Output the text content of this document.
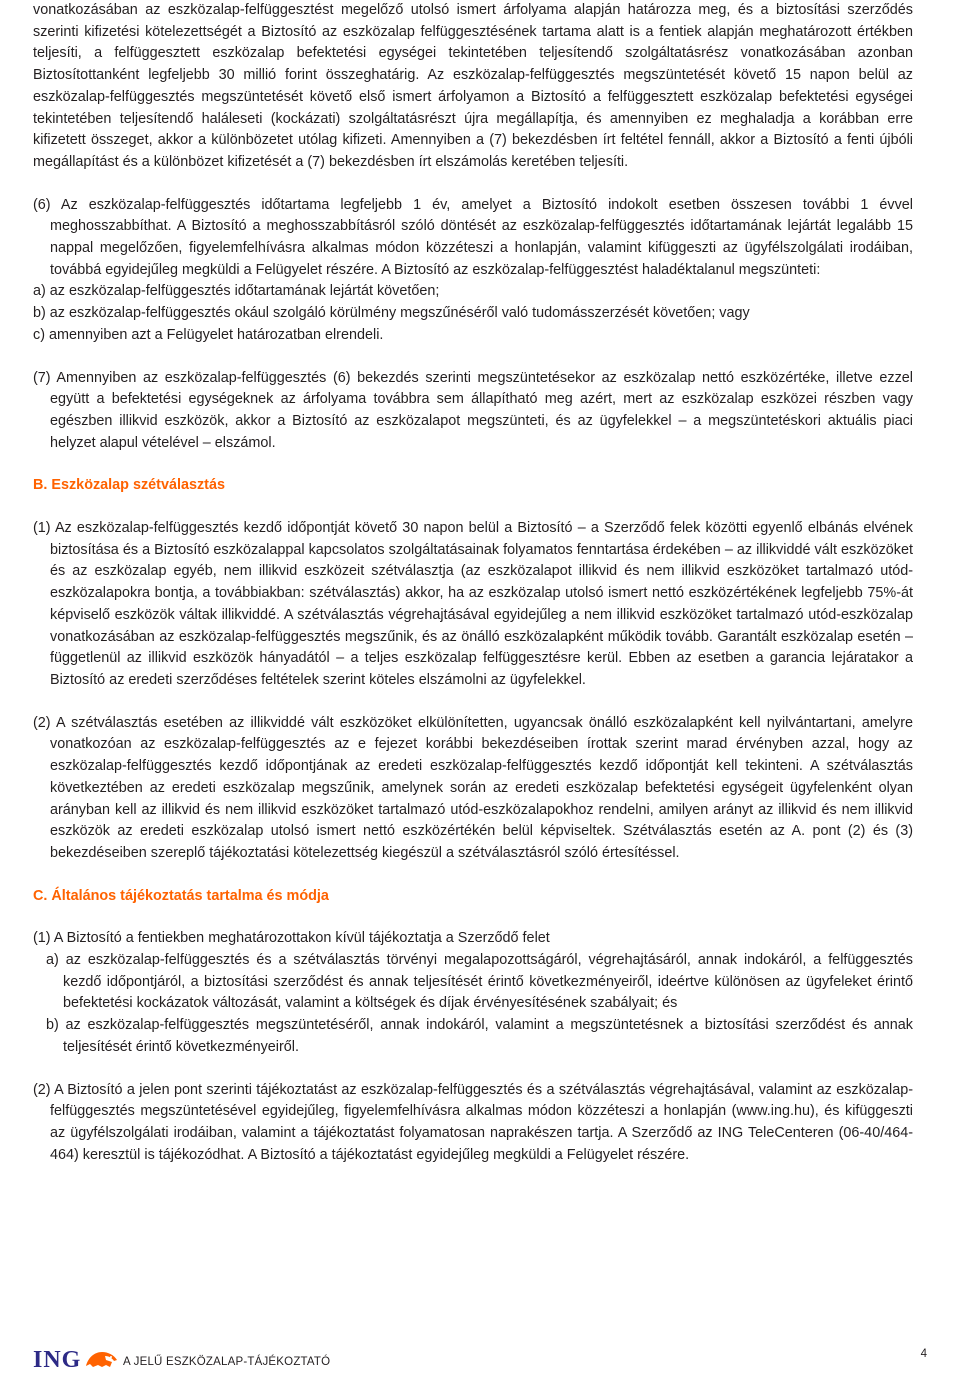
vonatkozásában az eszközalap-felfüggesztést megelőző utolsó ismert árfolyama alapján határozza meg, és a biztosítási szerződés szerinti kifizetési kötelezettségét a Biztosító az eszközalap felfüggesztésének tartama alatt is a fentiek alapján meghatározott értékben teljesíti, a felfüggesztett eszközalap befektetési egységei tekintetében teljesítendő szolgáltatásrész vonatkozásában azonban Biztosítottanként legfeljebb 30 millió forint összeghatárig. Az eszközalap-felfüggesztés megszüntetését követő 15 napon belül az eszközalap-felfüggesztés megszüntetését követő első ismert árfolyamon a Biztosító a felfüggesztett eszközalap befektetési egységei tekintetében teljesítendő haláleseti (kockázati) szolgáltatásrészt újra megállapítja, és amennyiben ez meghaladja a korábban erre kifizetett összeget, akkor a különbözetet utólag kifizeti. Amennyiben a (7) bekezdésben írt feltétel fennáll, akkor a Biztosító a fenti újbóli megállapítást és a különbözet kifizetését a (7) bekezdésben írt elszámolás keretében teljesíti.

(6) Az eszközalap-felfüggesztés időtartama legfeljebb 1 év, amelyet a Biztosító indokolt esetben összesen további 1 évvel meghosszabbíthat. A Biztosító a meghosszabbításról szóló döntését az eszközalap-felfüggesztés időtartamának lejártát legalább 15 nappal megelőzően, figyelemfelhívásra alkalmas módon közzéteszi a honlapján, valamint kifüggeszti az ügyfélszolgálati irodáiban, továbbá egyidejűleg megküldi a Felügyelet részére. A Biztosító az eszközalap-felfüggesztést haladéktalanul megszünteti:

a) az eszközalap-felfüggesztés időtartamának lejártát követően;

b) az eszközalap-felfüggesztés okául szolgáló körülmény megszűnéséről való tudomásszerzését követően; vagy

c) amennyiben azt a Felügyelet határozatban elrendeli.

(7) Amennyiben az eszközalap-felfüggesztés (6) bekezdés szerinti megszüntetésekor az eszközalap nettó eszközértéke, illetve ezzel együtt a befektetési egységeknek az árfolyama továbbra sem állapítható meg azért, mert az eszközalap eszközei részben vagy egészben illikvid eszközök, akkor a Biztosító az eszközalapot megszünteti, és az ügyfelekkel – a megszüntetéskori aktuális piaci helyzet alapul vételével – elszámol.

B. Eszközalap szétválasztás

(1) Az eszközalap-felfüggesztés kezdő időpontját követő 30 napon belül a Biztosító – a Szerződő felek közötti egyenlő elbánás elvének biztosítása és a Biztosító eszközalappal kapcsolatos szolgáltatásainak folyamatos fenntartása érdekében – az illikviddé vált eszközöket és az eszközalap egyéb, nem illikvid eszközeit szétválasztja (az eszközalapot illikvid és nem illikvid eszközöket tartalmazó utód-eszközalapokra bontja, a továbbiakban: szétválasztás) akkor, ha az eszközalap utolsó ismert nettó eszközértékének legfeljebb 75%-át képviselő eszközök váltak illikviddé. A szétválasztás végrehajtásával egyidejűleg a nem illikvid eszközöket tartalmazó utód-eszközalap vonatkozásában az eszközalap-felfüggesztés megszűnik, és az önálló eszközalapként működik tovább. Garantált eszközalap esetén – függetlenül az illikvid eszközök hányadától – a teljes eszközalap felfüggesztésre kerül. Ebben az esetben a garancia lejáratakor a Biztosító az eredeti szerződéses feltételek szerint köteles elszámolni az ügyfelekkel.

(2) A szétválasztás esetében az illikviddé vált eszközöket elkülönítetten, ugyancsak önálló eszközalapként kell nyilvántartani, amelyre vonatkozóan az eszközalap-felfüggesztés az e fejezet korábbi bekezdéseiben írottak szerint marad érvényben azzal, hogy az eszközalap-felfüggesztés kezdő időpontjának az eredeti eszközalap-felfüggesztés kezdő időpontját kell tekinteni. A szétválasztás következtében az eredeti eszközalap megszűnik, amelynek során az eredeti eszközalap befektetési egységeit ügyfelenként olyan arányban kell az illikvid és nem illikvid eszközöket tartalmazó utód-eszközalapokhoz rendelni, amilyen arányt az illikvid és nem illikvid eszközök az eredeti eszközalap utolsó ismert nettó eszközértékén belül képviseltek. Szétválasztás esetén az A. pont (2) és (3) bekezdéseiben szereplő tájékoztatási kötelezettség kiegészül a szétválasztásról szóló értesítéssel.

C. Általános tájékoztatás tartalma és módja

(1) A Biztosító a fentiekben meghatározottakon kívül tájékoztatja a Szerződő felet

a) az eszközalap-felfüggesztés és a szétválasztás törvényi megalapozottságáról, végrehajtásáról, annak indokáról, a felfüggesztés kezdő időpontjáról, a biztosítási szerződést és annak teljesítését érintő következményeiről, ideértve különösen az ügyfeleket érintő befektetési kockázatok változását, valamint a költségek és díjak érvényesítésének szabályait; és

b) az eszközalap-felfüggesztés megszüntetéséről, annak indokáról, valamint a megszüntetésnek a biztosítási szerződést és annak teljesítését érintő következményeiről.

(2) A Biztosító a jelen pont szerinti tájékoztatást az eszközalap-felfüggesztés és a szétválasztás végrehajtásával, valamint az eszközalap-felfüggesztés megszüntetésével egyidejűleg, figyelemfelhívásra alkalmas módon közzéteszi a honlapján (www.ing.hu), és kifüggeszti az ügyfélszolgálati irodáiban, valamint a tájékoztatást folyamatosan naprakészen tartja. A Szerződő az ING TeleCenteren (06-40/464-464) keresztül is tájékozódhat. A Biztosító a tájékoztatást egyidejűleg megküldi a Felügyelet részére.

ING	A JELŰ ESZKÖZALAP-TÁJÉKOZTATÓ
4
